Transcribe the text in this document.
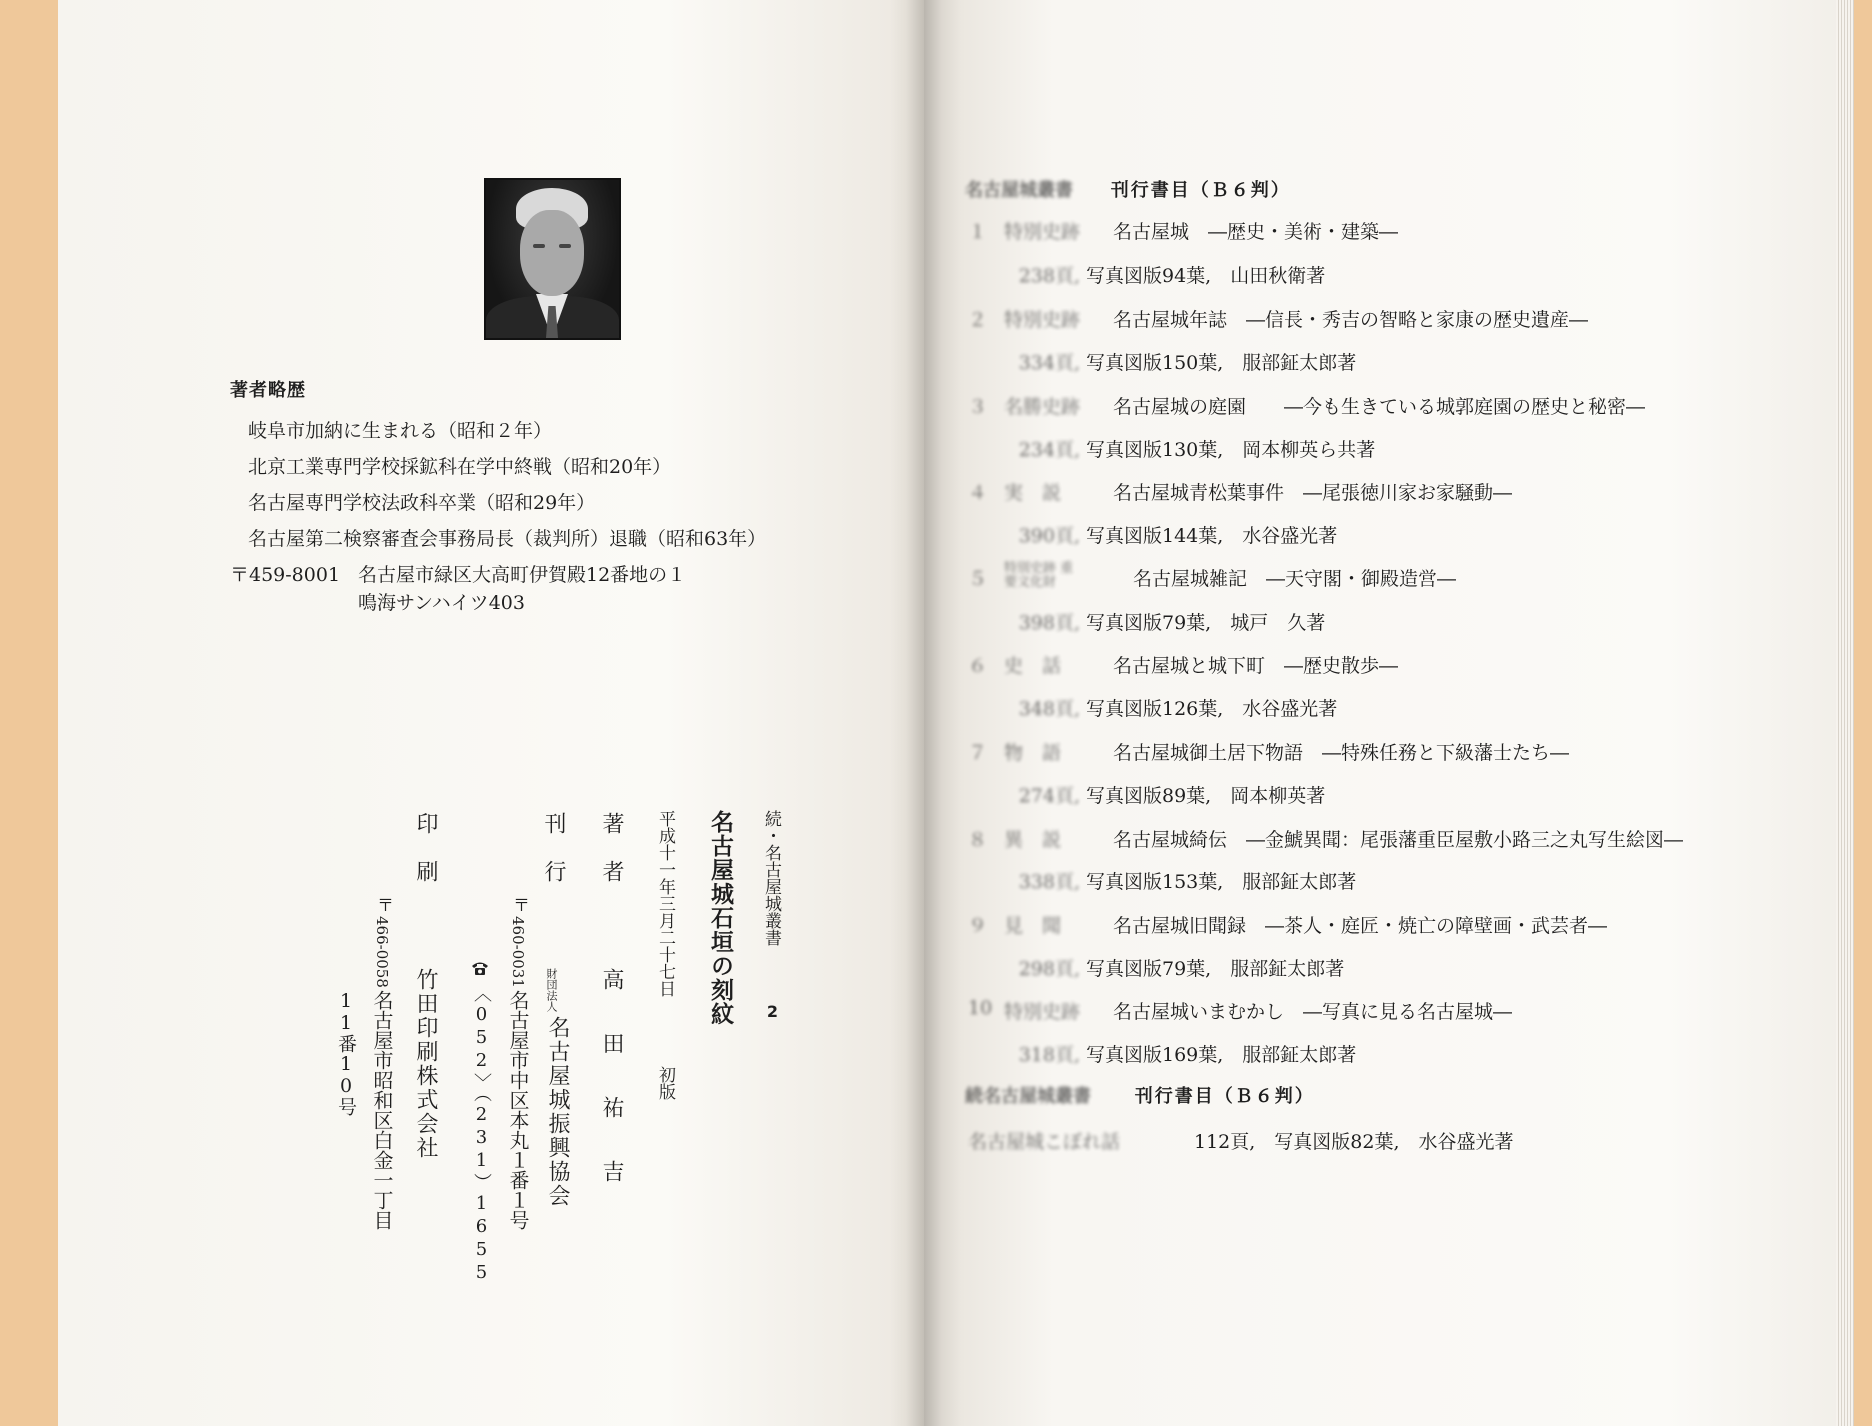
著者略歴
岐阜市加納に生まれる（昭和２年）
北京工業専門学校採鉱科在学中終戦（昭和20年）
名古屋専門学校法政科卒業（昭和29年）
名古屋第二検察審査会事務局長（裁判所）退職（昭和63年）
〒459-8001 名古屋市緑区大高町伊賀殿12番地の１
鳴海サンハイツ403
続・名古屋城叢書
2
名古屋城石垣の刻紋
平成十一年三月二十七日
初版
著　者
高　田　祐　吉
刊　行
財団法人
名古屋城振興協会
〒
460-0031
名古屋市中区本丸１番１号
〈052〉（231）1655
印　刷
竹田印刷株式会社
〒
466-0058
名古屋市昭和区白金一丁目
11番10号
名古屋城叢書 刊行書目（Ｂ６判）
１ 特別史跡	名古屋城　―歴史・美術・建築―
238頁, 写真図版94葉,　山田秋衛著
２ 特別史跡	名古屋城年誌　―信長・秀吉の智略と家康の歴史遺産―
334頁, 写真図版150葉,　服部鉦太郎著
３ 名勝史跡	名古屋城の庭園　　―今も生きている城郭庭園の歴史と秘密―
234頁, 写真図版130葉,　岡本柳英ら共著
４ 実　説	名古屋城青松葉事件　―尾張徳川家お家騒動―
390頁, 写真図版144葉,　水谷盛光著
５	特別史跡 重要文化財	名古屋城雑記　―天守閣・御殿造営―
398頁, 写真図版79葉,　城戸　久著
６ 史　話	名古屋城と城下町　―歴史散歩―
348頁, 写真図版126葉,　水谷盛光著
７ 物　語	名古屋城御土居下物語　―特殊任務と下級藩士たち―
274頁, 写真図版89葉,　岡本柳英著
８ 異　説	名古屋城綺伝　―金鯱異聞：尾張藩重臣屋敷小路三之丸写生絵図―
338頁, 写真図版153葉,　服部鉦太郎著
９ 見　聞	名古屋城旧聞録　―茶人・庭匠・焼亡の障壁画・武芸者―
298頁, 写真図版79葉,　服部鉦太郎著
10 特別史跡	名古屋城いまむかし　―写真に見る名古屋城―
318頁, 写真図版169葉,　服部鉦太郎著
続名古屋城叢書 刊行書目（Ｂ６判）
名古屋城こぼれ話	112頁,　写真図版82葉,　水谷盛光著
